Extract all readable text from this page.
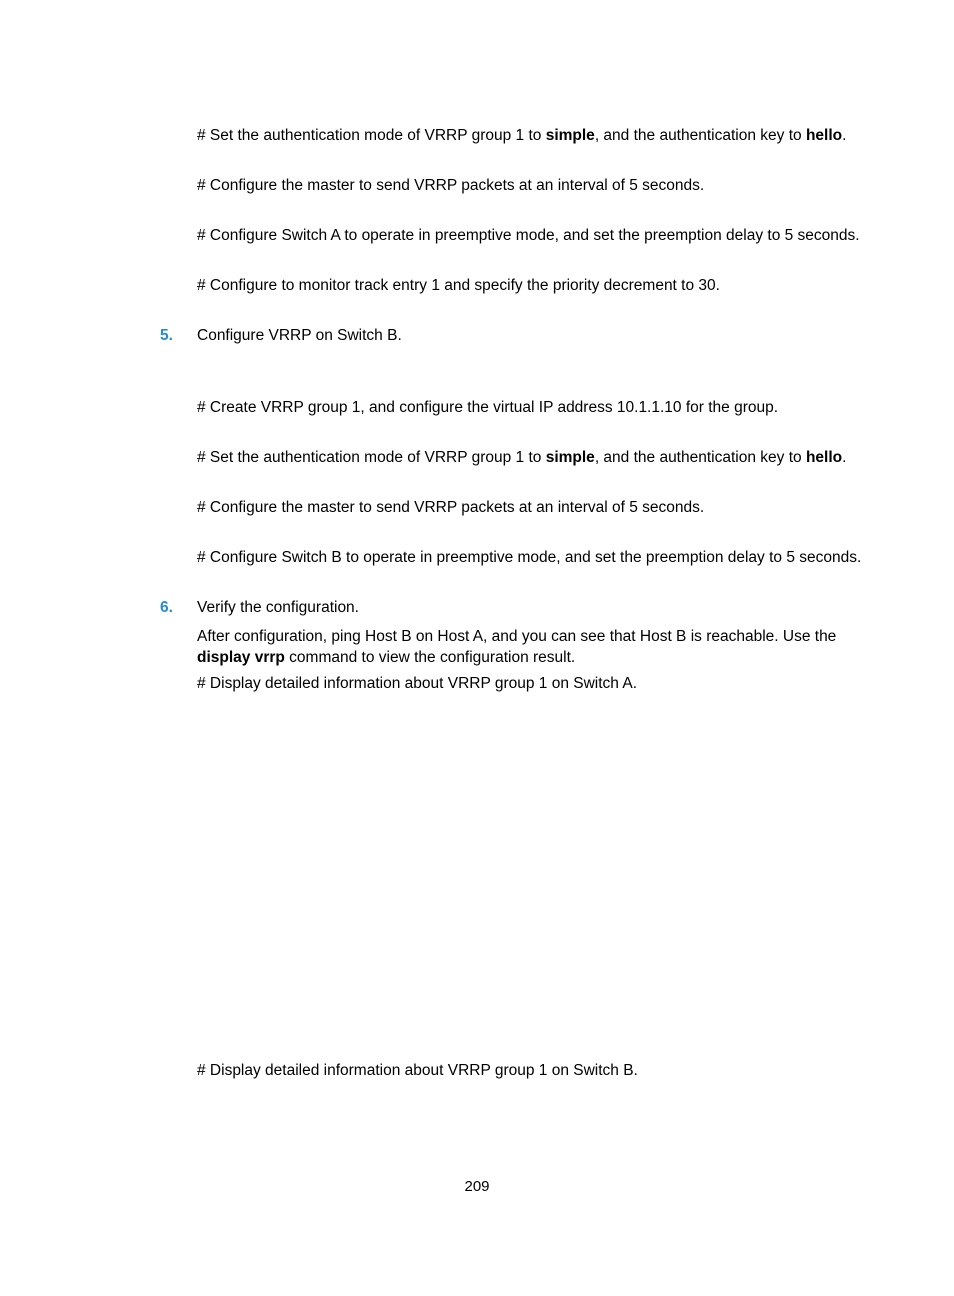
# Set the authentication mode of VRRP group 1 to simple, and the authentication key to hello.
# Configure the master to send VRRP packets at an interval of 5 seconds.
# Configure Switch A to operate in preemptive mode, and set the preemption delay to 5 seconds.
# Configure to monitor track entry 1 and specify the priority decrement to 30.
5. Configure VRRP on Switch B.
# Create VRRP group 1, and configure the virtual IP address 10.1.1.10 for the group.
# Set the authentication mode of VRRP group 1 to simple, and the authentication key to hello.
# Configure the master to send VRRP packets at an interval of 5 seconds.
# Configure Switch B to operate in preemptive mode, and set the preemption delay to 5 seconds.
6. Verify the configuration.
After configuration, ping Host B on Host A, and you can see that Host B is reachable. Use the display vrrp command to view the configuration result.
# Display detailed information about VRRP group 1 on Switch A.
# Display detailed information about VRRP group 1 on Switch B.
209
